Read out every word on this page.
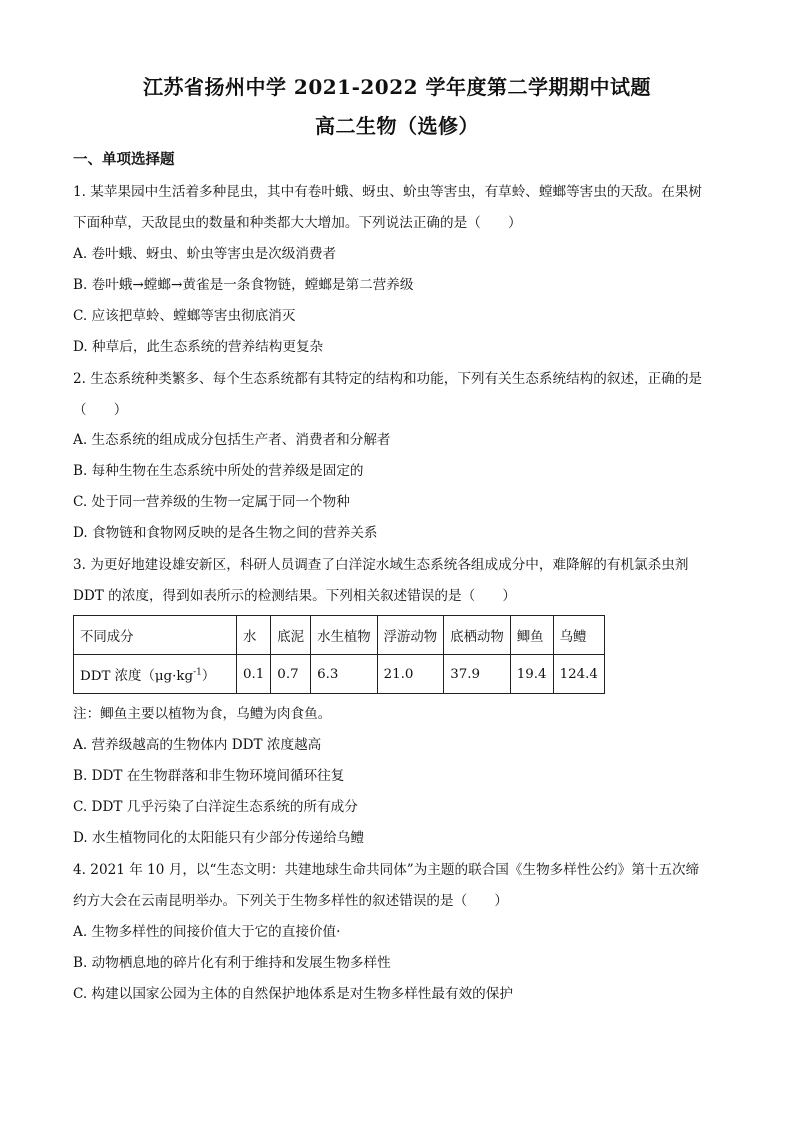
江苏省扬州中学 2021-2022 学年度第二学期期中试题
高二生物（选修）
一、单项选择题
1. 某苹果园中生活着多种昆虫，其中有卷叶蛾、蚜虫、蚧虫等害虫，有草蛉、螳螂等害虫的天敌。在果树
下面种草，天敌昆虫的数量和种类都大大增加。下列说法正确的是（　　）
A. 卷叶蛾、蚜虫、蚧虫等害虫是次级消费者
B. 卷叶蛾→螳螂→黄雀是一条食物链，螳螂是第二营养级
C. 应该把草蛉、螳螂等害虫彻底消灭
D. 种草后，此生态系统的营养结构更复杂
2. 生态系统种类繁多、每个生态系统都有其特定的结构和功能，下列有关生态系统结构的叙述，正确的是
（　　）
A. 生态系统的组成成分包括生产者、消费者和分解者
B. 每种生物在生态系统中所处的营养级是固定的
C. 处于同一营养级的生物一定属于同一个物种
D. 食物链和食物网反映的是各生物之间的营养关系
3. 为更好地建设雄安新区，科研人员调查了白洋淀水域生态系统各组成成分中，难降解的有机氯杀虫剂
DDT 的浓度，得到如表所示的检测结果。下列相关叙述错误的是（　　）
不同成分	水	底泥	水生植物	浮游动物	底栖动物	鲫鱼	乌鳢
DDT 浓度$(\mu g\cdot kg^{-1})$	0.1	0.7	6.3	21.0	37.9	19.4	124.4
注：鲫鱼主要以植物为食，乌鳢为肉食鱼。
A. 营养级越高的生物体内 DDT 浓度越高
B. DDT 在生物群落和非生物环境间循环往复
C. DDT 几乎污染了白洋淀生态系统的所有成分
D. 水生植物同化的太阳能只有少部分传递给乌鳢
4. 2021 年 10 月，以“生态文明：共建地球生命共同体”为主题的联合国《生物多样性公约》第十五次缔
约方大会在云南昆明举办。下列关于生物多样性的叙述错误的是（　　）
A. 生物多样性的间接价值大于它的直接价值·
B. 动物栖息地的碎片化有利于维持和发展生物多样性
C. 构建以国家公园为主体的自然保护地体系是对生物多样性最有效的保护
